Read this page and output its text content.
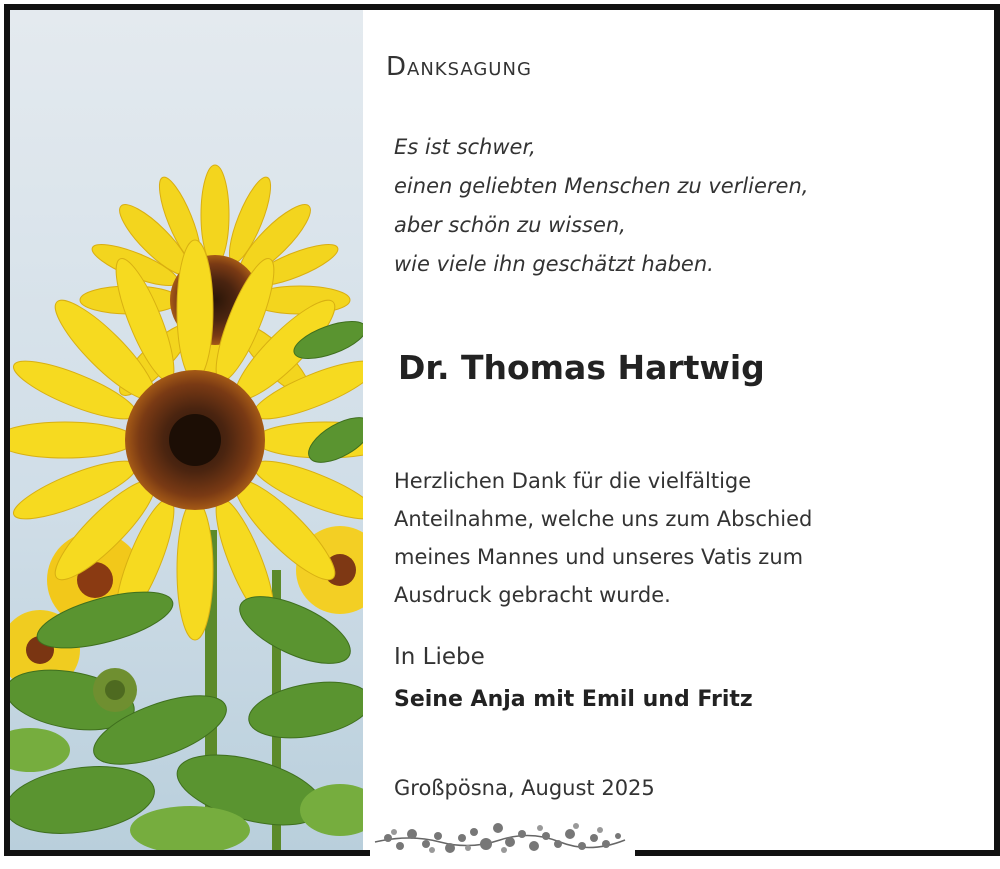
Danksagung
Es ist schwer,
einen geliebten Menschen zu verlieren,
aber schön zu wissen,
wie viele ihn geschätzt haben.
Dr. Thomas Hartwig
Herzlichen Dank für die vielfältige
Anteilnahme, welche uns zum Abschied
meines Mannes und unseres Vatis zum
Ausdruck gebracht wurde.
In Liebe
Seine Anja mit Emil und Fritz
Großpösna, August 2025
